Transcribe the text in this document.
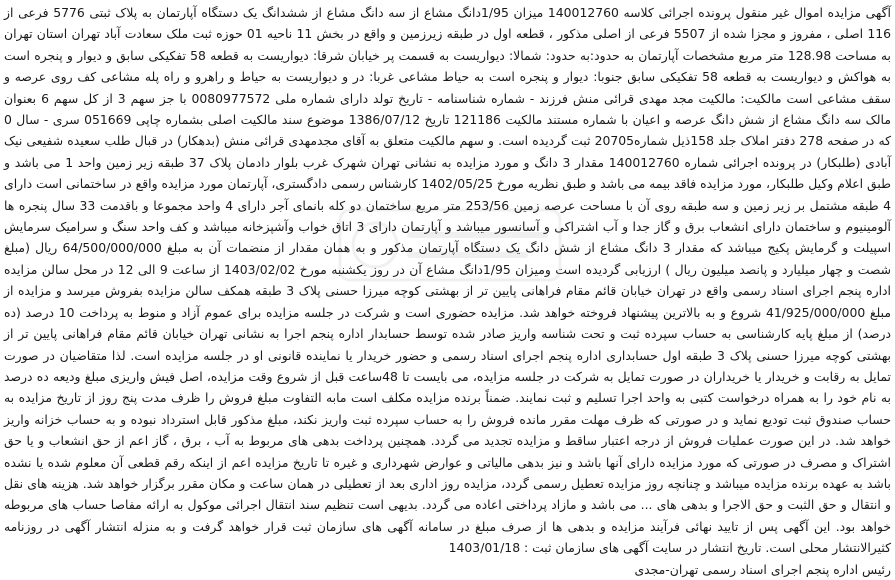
آگهی مزایده اموال غیر منقول پرونده اجرائی کلاسه 140012760 میزان 1/95دانگ مشاع از سه دانگ مشاع از ششدانگ یک دستگاه آپارتمان به پلاک ثبتی 5776 فرعی از 116 اصلی ، مفروز و مجزا شده از 5507 فرعی از اصلی مذکور ، قطعه اول در طبقه زیرزمین و واقع در بخش 11 ناحیه 01 حوزه ثبت ملک سعادت آباد تهران استان تهران به مساحت 128.98 متر مربع مشخصات آپارتمان به حدود:به حدود: شمالا: دیواریست به قسمت پر خیابان شرقا: دیواریست به قطعه 58 تفکیکی سابق و دیوار و پنجره است به هواکش و دیواریست به قطعه 58 تفکیکی سابق جنوبا: دیوار و پنجره است به حیاط مشاعی غربا: در و دیواریست به حیاط و راهرو و راه پله مشاعی کف روی عرصه و سقف مشاعی است مالکیت: مالکیت مجد مهدی قرائی منش فرزند - شماره شناسنامه - تاریخ تولد دارای شماره ملی 0080977572 با جز سهم 3 از کل سهم 6 بعنوان مالک سه دانگ مشاع از شش دانگ عرصه و اعیان با شماره مستند مالکیت 121186 تاریخ 1386/07/12 موضوع سند مالکیت اصلی بشماره چاپی 051669 سری - سال 0 که در صفحه 278 دفتر املاک جلد 158ذیل شماره20705 ثبت گردیده است. و سهم مالکیت متعلق به آقای مجدمهدی قرائی منش (بدهکار) در قبال طلب سعیده شفیعی نیک آبادی (طلبکار) در پرونده اجرائی شماره 140012760 مقدار 3 دانگ و مورد مزایده به نشانی تهران شهرک غرب بلوار دادمان پلاک 37 طبقه زیر زمین واحد 1 می باشد و طبق اعلام وکیل طلبکار، مورد مزایده فاقد بیمه می باشد و طبق نظریه مورخ 1402/05/25 کارشناس رسمی دادگستری، آپارتمان مورد مزایده واقع در ساختمانی است دارای 4 طبقه مشتمل بر زیر زمین و سه طبقه روی آن با مساحت عرصه زمین 253/56 متر مربع ساختمان دو کله بانمای آجر دارای 4 واحد مجموعا و باقدمت 33 سال پنجره ها آلومینیوم و ساختمان دارای انشعاب برق و گاز جدا و آب اشتراکی و آسانسور میباشد و آپارتمان دارای 3 اتاق خواب وآشپزخانه میباشد و کف واحد سنگ و سرامیک سرمایش اسپیلت و گرمایش پکیج میباشد که مقدار 3 دانگ مشاع از شش دانگ یک دستگاه آپارتمان مذکور و به همان مقدار از منضمات آن به مبلغ 64/500/000/000 ریال (مبلغ شصت و چهار میلیارد و پانصد میلیون ریال ) ارزیابی گردیده است ومیزان 1/95دانگ مشاع آن در روز یکشنبه مورخ 1403/02/02 از ساعت 9 الی 12 در محل سالن مزایده اداره پنجم اجرای اسناد رسمی واقع در تهران خیابان قائم مقام فراهانی پایین تر از بهشتی کوچه میرزا حسنی پلاک 3 طبقه همکف سالن مزایده بفروش میرسد و مزایده از مبلغ 41/925/000/000 شروع و به بالاترین پیشنهاد فروخته خواهد شد. مزایده حضوری است و شرکت در جلسه مزایده برای عموم آزاد و منوط به پرداخت 10 درصد (ده درصد) از مبلغ پایه کارشناسی به حساب سپرده ثبت و تحت شناسه واریز صادر شده توسط حسابدار اداره پنجم اجرا به نشانی تهران خیابان قائم مقام فراهانی پایین تر از بهشتی کوچه میرزا حسنی پلاک 3 طبقه اول حسابداری اداره پنجم اجرای اسناد رسمی و حضور خریدار یا نماینده قانونی او در جلسه مزایده است. لذا متقاضیان در صورت تمایل به رقابت و خریدار یا خریداران در صورت تمایل به شرکت در جلسه مزایده، می بایست تا 48ساعت قبل از شروع وقت مزایده، اصل فیش واریزی مبلغ ودیعه ده درصد به نام خود را به همراه درخواست کتبی به واحد اجرا تسلیم و ثبت نمایند. ضمناً برنده مزایده مکلف است مابه التفاوت مبلغ فروش را ظرف مدت پنج روز از تاریخ مزایده به حساب صندوق ثبت تودیع نماید و در صورتی که ظرف مهلت مقرر مانده فروش را به حساب سپرده ثبت واریز نکند، مبلغ مذکور قابل استرداد نبوده و به حساب خزانه واریز خواهد شد. در این صورت عملیات فروش از درجه اعتبار ساقط و مزایده تجدید می گردد. همچنین پرداخت بدهی های مربوط به آب ، برق ، گاز اعم از حق انشعاب و یا حق اشتراک و مصرف در صورتی که مورد مزایده دارای آنها باشد و نیز بدهی مالیاتی و عوارض شهرداری و غیره تا تاریخ مزایده اعم از اینکه رقم قطعی آن معلوم شده یا نشده باشد به عهده برنده مزایده میباشد و چنانچه روز مزایده تعطیل رسمی گردد، مزایده روز اداری بعد از تعطیلی در همان ساعت و مکان مقرر برگزار خواهد شد. هزینه های نقل و انتقال و حق الثبت و حق الاجرا و بدهی های ... می باشد و مازاد پرداختی اعاده می گردد. بدیهی است تنظیم سند انتقال اجرائی موکول به ارائه مفاصا حساب های مربوطه خواهد بود. این آگهی پس از تایید نهائی فرآیند مزایده و بدهی ها از صرف مبلغ در سامانه آگهی های سازمان ثبت قرار خواهد گرفت و به منزله انتشار آگهی در روزنامه کثیرالانتشار محلی است. تاریخ انتشار در سایت آگهی های سازمان ثبت : 1403/01/18

رئیس اداره پنجم اجرای اسناد رسمی تهران-مجدی
